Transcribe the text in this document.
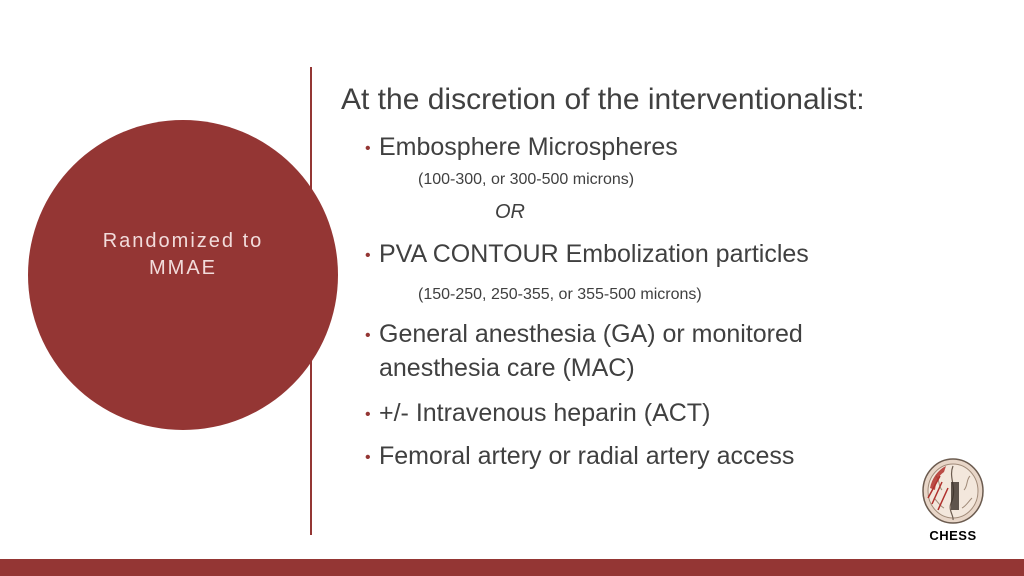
Randomized to MMAE
At the discretion of the interventionalist:
• Embosphere Microspheres
(100-300, or 300-500 microns)
OR
• PVA CONTOUR Embolization particles
(150-250, 250-355, or 355-500 microns)
• General anesthesia (GA) or monitored
anesthesia care (MAC)
• +/- Intravenous heparin (ACT)
• Femoral artery or radial artery access
CHESS
